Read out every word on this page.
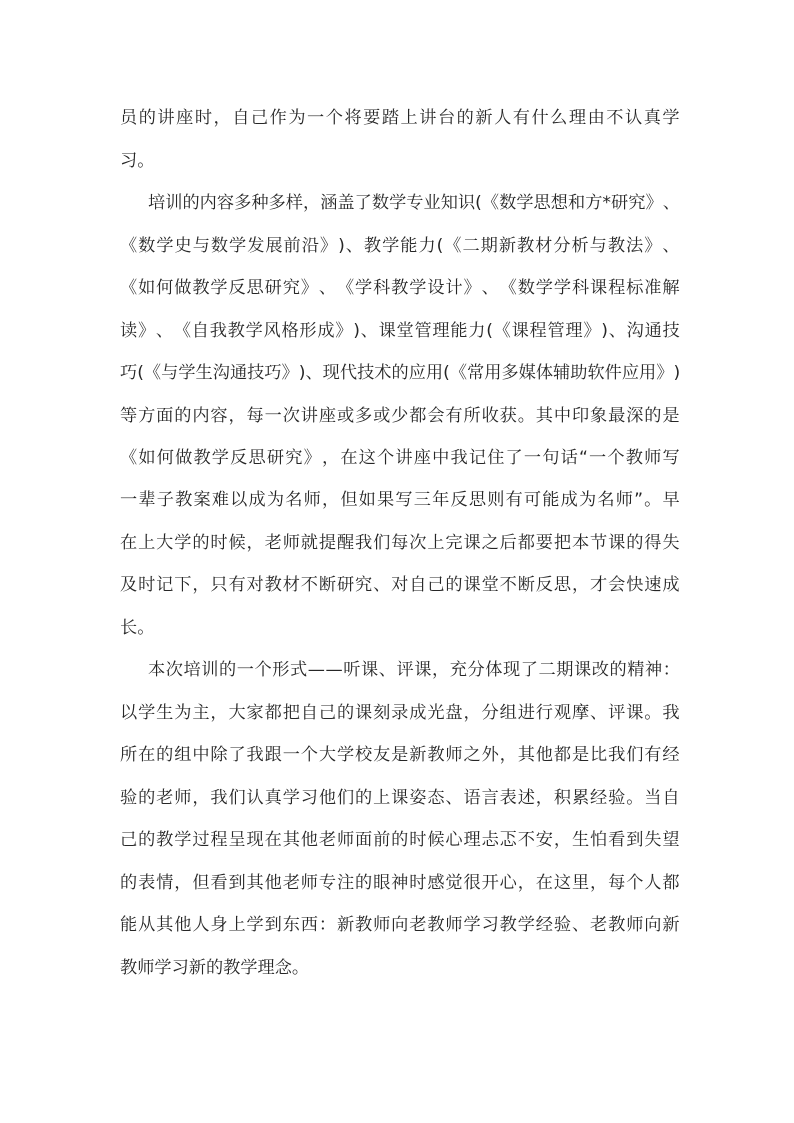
员 的 讲 座 时 ， 自 己 作 为 一 个 将 要 踏 上 讲 台 的 新 人 有 什 么 理 由 不 认 真 学
习。
培 训 的 内 容 多 种 多 样 ， 涵 盖 了 数 学 专 业 知 识 ( 《 数 学 思 想 和 方 * 研 究 》 、
《 数 学 史 与 数 学 发 展 前 沿 》 ) 、 教 学 能 力 ( 《 二 期 新 教 材 分 析 与 教 法 》 、
《 如 何 做 教 学 反 思 研 究 》 、 《 学 科 教 学 设 计 》 、 《 数 学 学 科 课 程 标 准 解
读 》 、 《 自 我 教 学 风 格 形 成 》 ) 、 课 堂 管 理 能 力 ( 《 课 程 管 理 》 ) 、 沟 通 技
巧 ( 《 与 学 生 沟 通 技 巧 》 ) 、 现 代 技 术 的 应 用 ( 《 常 用 多 媒 体 辅 助 软 件 应 用 》 )
等 方 面 的 内 容 ， 每 一 次 讲 座 或 多 或 少 都 会 有 所 收 获 。 其 中 印 象 最 深 的 是
《 如 何 做 教 学 反 思 研 究 》 ， 在 这 个 讲 座 中 我 记 住 了 一 句 话 “ 一 个 教 师 写
一 辈 子 教 案 难 以 成 为 名 师 ， 但 如 果 写 三 年 反 思 则 有 可 能 成 为 名 师 ” 。 早
在 上 大 学 的 时 候 ， 老 师 就 提 醒 我 们 每 次 上 完 课 之 后 都 要 把 本 节 课 的 得 失
及 时 记 下 ， 只 有 对 教 材 不 断 研 究 、 对 自 己 的 课 堂 不 断 反 思 ， 才 会 快 速 成
长。
本 次 培 训 的 一 个 形 式 — — 听 课 、 评 课 ， 充 分 体 现 了 二 期 课 改 的 精 神 ：
以 学 生 为 主 ， 大 家 都 把 自 己 的 课 刻 录 成 光 盘 ， 分 组 进 行 观 摩 、 评 课 。 我
所 在 的 组 中 除 了 我 跟 一 个 大 学 校 友 是 新 教 师 之 外 ， 其 他 都 是 比 我 们 有 经
验 的 老 师 ， 我 们 认 真 学 习 他 们 的 上 课 姿 态 、 语 言 表 述 ， 积 累 经 验 。 当 自
己 的 教 学 过 程 呈 现 在 其 他 老 师 面 前 的 时 候 心 理 忐 忑 不 安 ， 生 怕 看 到 失 望
的 表 情 ， 但 看 到 其 他 老 师 专 注 的 眼 神 时 感 觉 很 开 心 ， 在 这 里 ， 每 个 人 都
能 从 其 他 人 身 上 学 到 东 西 ： 新 教 师 向 老 教 师 学 习 教 学 经 验 、 老 教 师 向 新
教师学习新的教学理念。
